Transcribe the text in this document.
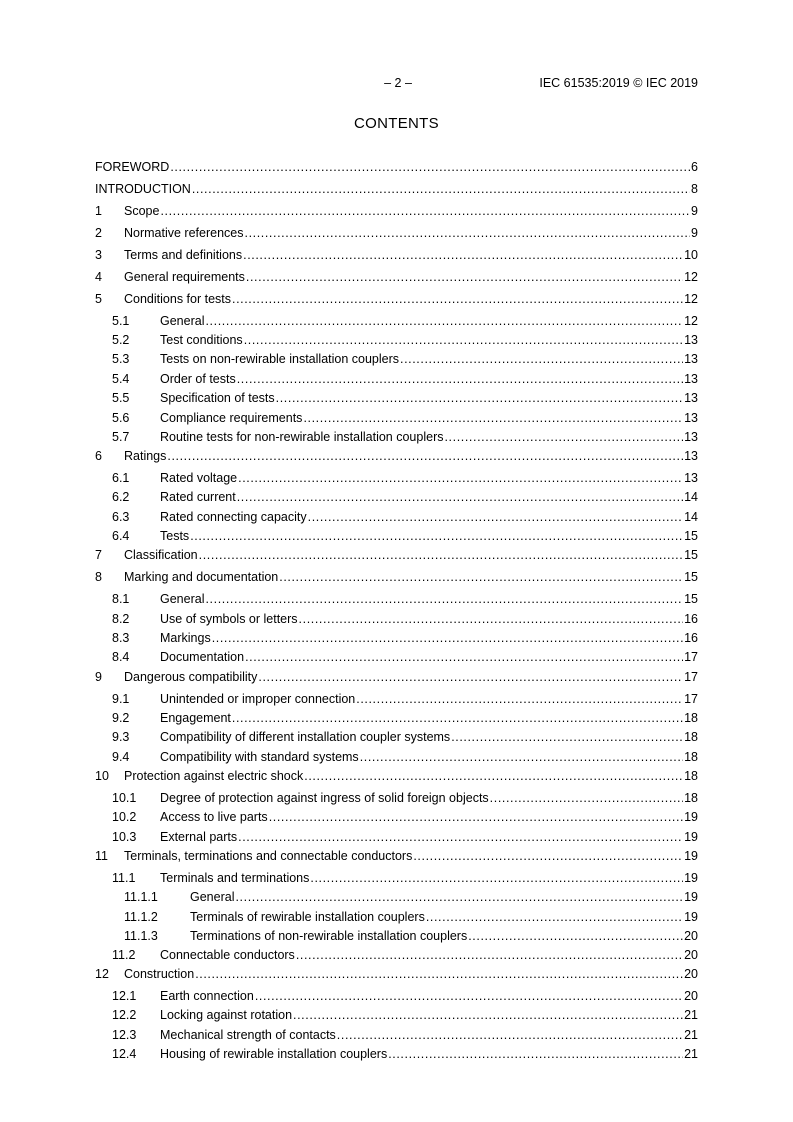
– 2 –	IEC 61535:2019 © IEC 2019
CONTENTS
FOREWORD .....	6
INTRODUCTION .....	8
1	Scope .....	9
2	Normative references .....	9
3	Terms and definitions .....	10
4	General requirements .....	12
5	Conditions for tests .....	12
5.1	General .....	12
5.2	Test conditions .....	13
5.3	Tests on non-rewirable installation couplers .....	13
5.4	Order of tests .....	13
5.5	Specification of tests .....	13
5.6	Compliance requirements .....	13
5.7	Routine tests for non-rewirable installation couplers .....	13
6	Ratings .....	13
6.1	Rated voltage .....	13
6.2	Rated current .....	14
6.3	Rated connecting capacity .....	14
6.4	Tests .....	15
7	Classification .....	15
8	Marking and documentation .....	15
8.1	General .....	15
8.2	Use of symbols or letters .....	16
8.3	Markings .....	16
8.4	Documentation .....	17
9	Dangerous compatibility .....	17
9.1	Unintended or improper connection .....	17
9.2	Engagement .....	18
9.3	Compatibility of different installation coupler systems .....	18
9.4	Compatibility with standard systems .....	18
10	Protection against electric shock .....	18
10.1	Degree of protection against ingress of solid foreign objects .....	18
10.2	Access to live parts .....	19
10.3	External parts .....	19
11	Terminals, terminations and connectable conductors .....	19
11.1	Terminals and terminations .....	19
11.1.1	General .....	19
11.1.2	Terminals of rewirable installation couplers .....	19
11.1.3	Terminations of non-rewirable installation couplers .....	20
11.2	Connectable conductors .....	20
12	Construction .....	20
12.1	Earth connection .....	20
12.2	Locking against rotation .....	21
12.3	Mechanical strength of contacts .....	21
12.4	Housing of rewirable installation couplers .....	21
